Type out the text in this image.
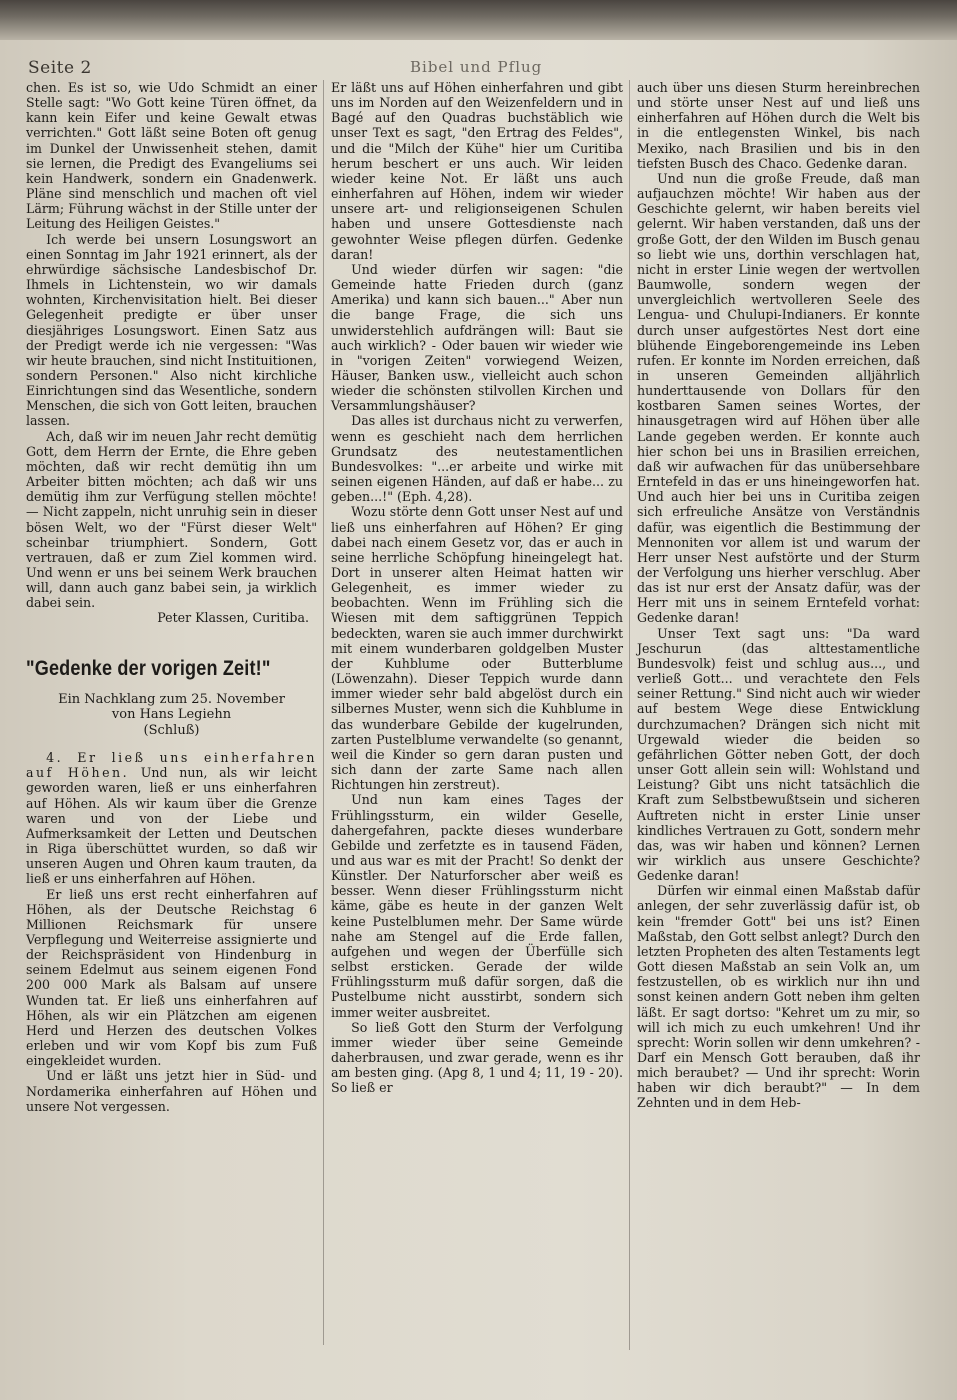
Seite 2	Bibel und Pflug

chen. Es ist so, wie Udo Schmidt an einer Stelle sagt: "Wo Gott keine Türen öffnet, da kann kein Eifer und keine Gewalt etwas verrichten." Gott läßt seine Boten oft genug im Dunkel der Unwissenheit stehen, damit sie lernen, die Predigt des Evangeliums sei kein Handwerk, sondern ein Gnadenwerk. Pläne sind menschlich und machen oft viel Lärm; Führung wächst in der Stille unter der Leitung des Heiligen Geistes."

Ich werde bei unsern Losungswort an einen Sonntag im Jahr 1921 erinnert, als der ehrwürdige sächsische Landesbischof Dr. Ihmels in Lichtenstein, wo wir damals wohnten, Kirchenvisitation hielt. Bei dieser Gelegenheit predigte er über unser diesjähriges Losungswort. Einen Satz aus der Predigt werde ich nie vergessen: "Was wir heute brauchen, sind nicht Instituitionen, sondern Personen." Also nicht kirchliche Einrichtungen sind das Wesentliche, sondern Menschen, die sich von Gott leiten, brauchen lassen.

Ach, daß wir im neuen Jahr recht demütig Gott, dem Herrn der Ernte, die Ehre geben möchten, daß wir recht demütig ihn um Arbeiter bitten möchten; ach daß wir uns demütig ihm zur Verfügung stellen möchte! — Nicht zappeln, nicht unruhig sein in dieser bösen Welt, wo der "Fürst dieser Welt" scheinbar triumphiert. Sondern, Gott vertrauen, daß er zum Ziel kommen wird. Und wenn er uns bei seinem Werk brauchen will, dann auch ganz babei sein, ja wirklich dabei sein.

Peter Klassen, Curitiba.

"Gedenke der vorigen Zeit!"

Ein Nachklang zum 25. November

von Hans Legiehn

(Schluß)

4. Er ließ uns einherfahren auf Höhen. Und nun, als wir leicht geworden waren, ließ er uns einherfahren auf Höhen. Als wir kaum über die Grenze waren und von der Liebe und Aufmerksamkeit der Letten und Deutschen in Riga überschüttet wurden, so daß wir unseren Augen und Ohren kaum trauten, da ließ er uns einherfahren auf Höhen.

Er ließ uns erst recht einherfahren auf Höhen, als der Deutsche Reichstag 6 Millionen Reichsmark für unsere Verpflegung und Weiterreise assignierte und der Reichspräsident von Hindenburg in seinem Edelmut aus seinem eigenen Fond 200 000 Mark als Balsam auf unsere Wunden tat. Er ließ uns einherfahren auf Höhen, als wir ein Plätzchen am eigenen Herd und Herzen des deutschen Volkes erleben und wir vom Kopf bis zum Fuß eingekleidet wurden.

Und er läßt uns jetzt hier in Süd- und Nordamerika einherfahren auf Höhen und unsere Not vergessen.

Er läßt uns auf Höhen einherfahren und gibt uns im Norden auf den Weizenfeldern und in Bagé auf den Quadras buchstäblich wie unser Text es sagt, "den Ertrag des Feldes", und die "Milch der Kühe" hier um Curitiba herum beschert er uns auch. Wir leiden wieder keine Not. Er läßt uns auch einherfahren auf Höhen, indem wir wieder unsere art- und religionseigenen Schulen haben und unsere Gottesdienste nach gewohnter Weise pflegen dürfen. Gedenke daran!

Und wieder dürfen wir sagen: "die Gemeinde hatte Frieden durch (ganz Amerika) und kann sich bauen..." Aber nun die bange Frage, die sich uns unwiderstehlich aufdrängen will: Baut sie auch wirklich? - Oder bauen wir wieder wie in "vorigen Zeiten" vorwiegend Weizen, Häuser, Banken usw., vielleicht auch schon wieder die schönsten stilvollen Kirchen und Versammlungshäuser?

Das alles ist durchaus nicht zu verwerfen, wenn es geschieht nach dem herrlichen Grundsatz des neutestamentlichen Bundesvolkes: "...er arbeite und wirke mit seinen eigenen Händen, auf daß er habe... zu geben...!" (Eph. 4,28).

Wozu störte denn Gott unser Nest auf und ließ uns einherfahren auf Höhen? Er ging dabei nach einem Gesetz vor, das er auch in seine herrliche Schöpfung hineingelegt hat. Dort in unserer alten Heimat hatten wir Gelegenheit, es immer wieder zu beobachten. Wenn im Frühling sich die Wiesen mit dem saftiggrünen Teppich bedeckten, waren sie auch immer durchwirkt mit einem wunderbaren goldgelben Muster der Kuhblume oder Butterblume (Löwenzahn). Dieser Teppich wurde dann immer wieder sehr bald abgelöst durch ein silbernes Muster, wenn sich die Kuhblume in das wunderbare Gebilde der kugelrunden, zarten Pustelblume verwandelte (so genannt, weil die Kinder so gern daran pusten und sich dann der zarte Same nach allen Richtungen hin zerstreut).

Und nun kam eines Tages der Frühlingssturm, ein wilder Geselle, dahergefahren, packte dieses wunderbare Gebilde und zerfetzte es in tausend Fäden, und aus war es mit der Pracht! So denkt der Künstler. Der Naturforscher aber weiß es besser. Wenn dieser Frühlingssturm nicht käme, gäbe es heute in der ganzen Welt keine Pustelblumen mehr. Der Same würde nahe am Stengel auf die Erde fallen, aufgehen und wegen der Überfülle sich selbst ersticken. Gerade der wilde Frühlingssturm muß dafür sorgen, daß die Pustelbume nicht ausstirbt, sondern sich immer weiter ausbreitet.

So ließ Gott den Sturm der Verfolgung immer wieder über seine Gemeinde daherbrausen, und zwar gerade, wenn es ihr am besten ging. (Apg 8, 1 und 4; 11, 19 - 20). So ließ er

auch über uns diesen Sturm hereinbrechen und störte unser Nest auf und ließ uns einherfahren auf Höhen durch die Welt bis in die entlegensten Winkel, bis nach Mexiko, nach Brasilien und bis in den tiefsten Busch des Chaco. Gedenke daran.

Und nun die große Freude, daß man aufjauchzen möchte! Wir haben aus der Geschichte gelernt, wir haben bereits viel gelernt. Wir haben verstanden, daß uns der große Gott, der den Wilden im Busch genau so liebt wie uns, dorthin verschlagen hat, nicht in erster Linie wegen der wertvollen Baumwolle, sondern wegen der unvergleichlich wertvolleren Seele des Lengua- und Chulupi-Indianers. Er konnte durch unser aufgestörtes Nest dort eine blühende Eingeborengemeinde ins Leben rufen. Er konnte im Norden erreichen, daß in unseren Gemeinden alljährlich hunderttausende von Dollars für den kostbaren Samen seines Wortes, der hinausgetragen wird auf Höhen über alle Lande gegeben werden. Er konnte auch hier schon bei uns in Brasilien erreichen, daß wir aufwachen für das unübersehbare Erntefeld in das er uns hineingeworfen hat. Und auch hier bei uns in Curitiba zeigen sich erfreuliche Ansätze von Verständnis dafür, was eigentlich die Bestimmung der Mennoniten vor allem ist und warum der Herr unser Nest aufstörte und der Sturm der Verfolgung uns hierher verschlug. Aber das ist nur erst der Ansatz dafür, was der Herr mit uns in seinem Erntefeld vorhat: Gedenke daran!

Unser Text sagt uns: "Da ward Jeschurun (das alttestamentliche Bundesvolk) feist und schlug aus..., und verließ Gott... und verachtete den Fels seiner Rettung." Sind nicht auch wir wieder auf bestem Wege diese Entwicklung durchzumachen? Drängen sich nicht mit Urgewald wieder die beiden so gefährlichen Götter neben Gott, der doch unser Gott allein sein will: Wohlstand und Leistung? Gibt uns nicht tatsächlich die Kraft zum Selbstbewußtsein und sicheren Auftreten nicht in erster Linie unser kindliches Vertrauen zu Gott, sondern mehr das, was wir haben und können? Lernen wir wirklich aus unsere Geschichte? Gedenke daran!

Dürfen wir einmal einen Maßstab dafür anlegen, der sehr zuverlässig dafür ist, ob kein "fremder Gott" bei uns ist? Einen Maßstab, den Gott selbst anlegt? Durch den letzten Propheten des alten Testaments legt Gott diesen Maßstab an sein Volk an, um festzustellen, ob es wirklich nur ihn und sonst keinen andern Gott neben ihm gelten läßt. Er sagt dortso: "Kehret um zu mir, so will ich mich zu euch umkehren! Und ihr sprecht: Worin sollen wir denn umkehren? - Darf ein Mensch Gott berauben, daß ihr mich beraubet? — Und ihr sprecht: Worin haben wir dich beraubt?" — In dem Zehnten und in dem Heb-
